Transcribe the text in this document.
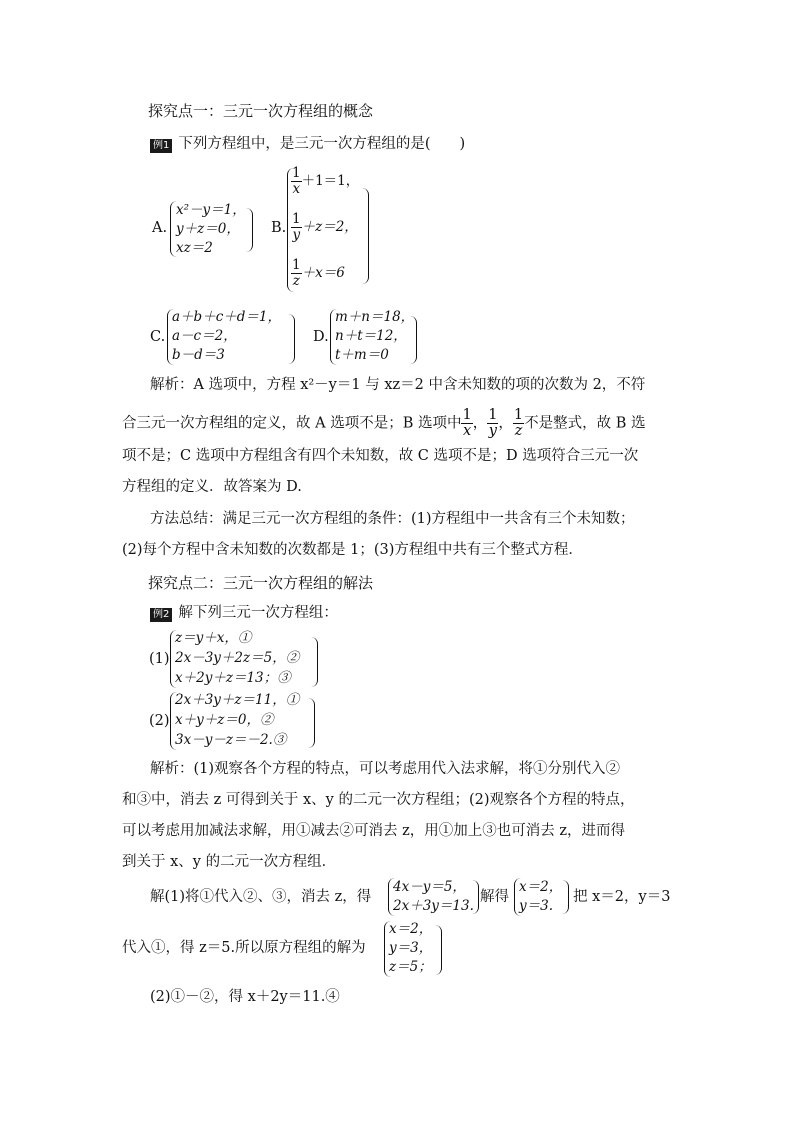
探究点一：三元一次方程组的概念
例1 下列方程组中，是三元一次方程组的是(　　)
A.
x²－y＝1，
y＋z＝0，
xz＝2
B.
$\frac{1}{x} +1=1$，
$\frac{1}{y} +z=2$，
$\frac{1}{z} +x=6$
C.
a＋b＋c＋d＝1，
a－c＝2，
b－d＝3
D.
m＋n＝18，
n＋t＝12，
t＋m＝0
解析：A 选项中，方程 x²－y＝1 与 xz＝2 中含未知数的项的次数为 2，不符
合三元一次方程组的定义，故 A 选项不是；B 选项中 $\frac{1}{x}$ ， $\frac{1}{y}$ ， $\frac{1}{z}$ 不是整式，故 B 选
项不是；C 选项中方程组含有四个未知数，故 C 选项不是；D 选项符合三元一次
方程组的定义．故答案为 D.
方法总结：满足三元一次方程组的条件：(1)方程组中一共含有三个未知数；
(2)每个方程中含未知数的次数都是 1；(3)方程组中共有三个整式方程．
探究点二：三元一次方程组的解法
例2 解下列三元一次方程组：
(1)
z＝y＋x，①
2x－3y＋2z＝5，②
x＋2y＋z＝13；③
(2)
2x＋3y＋z＝11，①
x＋y＋z＝0，②
3x－y－z＝－2.③
解析：(1)观察各个方程的特点，可以考虑用代入法求解，将①分别代入②
和③中，消去 z 可得到关于 x、y 的二元一次方程组；(2)观察各个方程的特点，
可以考虑用加减法求解，用①减去②可消去 z，用①加上③也可消去 z，进而得
到关于 x、y 的二元一次方程组．
解(1)将①代入②、③，消去 z，得
4x－y＝5，
2x＋3y＝13.
解得
x＝2，
y＝3.
把 x＝2，y＝3
代入①，得 z＝5.所以原方程组的解为
x＝2，
y＝3，
z＝5；
(2)①－②，得 x＋2y＝11.④
